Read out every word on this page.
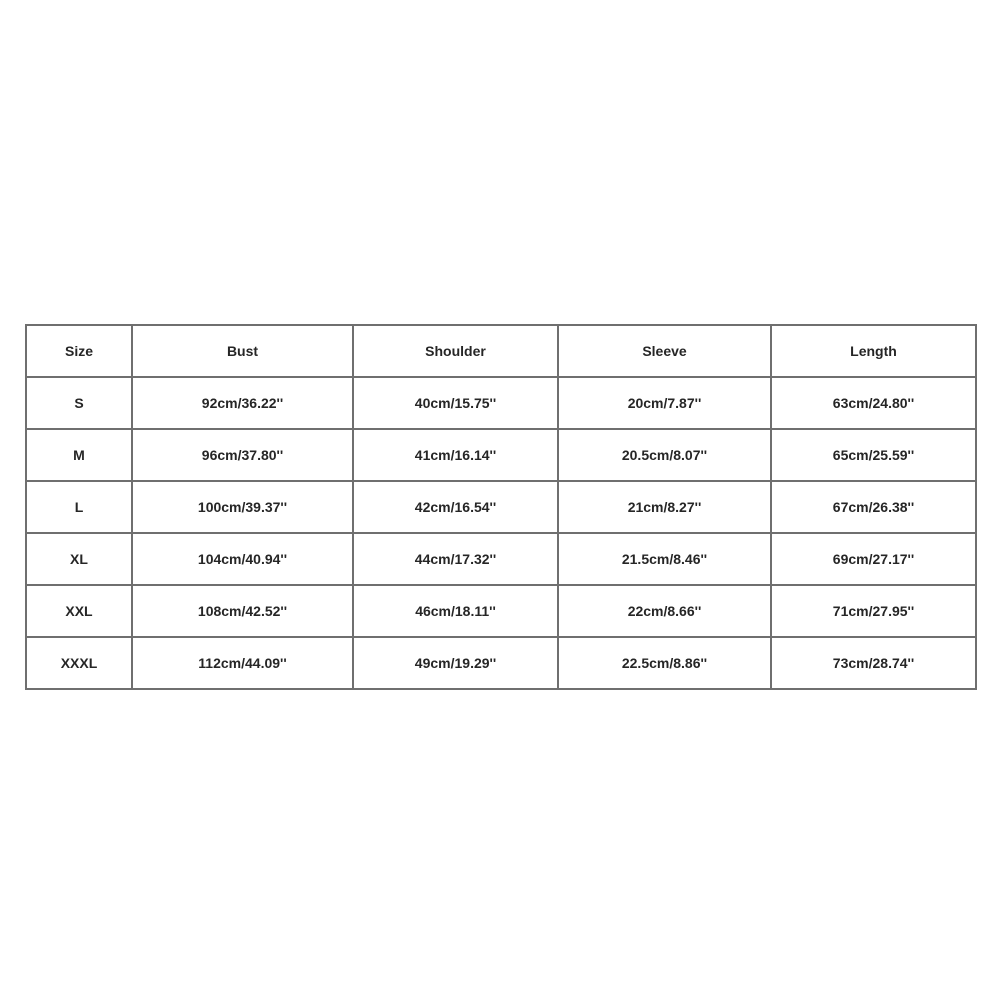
Size	Bust	Shoulder	Sleeve	Length
S	92cm/36.22''	40cm/15.75''	20cm/7.87''	63cm/24.80''
M	96cm/37.80''	41cm/16.14''	20.5cm/8.07''	65cm/25.59''
L	100cm/39.37''	42cm/16.54''	21cm/8.27''	67cm/26.38''
XL	104cm/40.94''	44cm/17.32''	21.5cm/8.46''	69cm/27.17''
XXL	108cm/42.52''	46cm/18.11''	22cm/8.66''	71cm/27.95''
XXXL	112cm/44.09''	49cm/19.29''	22.5cm/8.86''	73cm/28.74''
